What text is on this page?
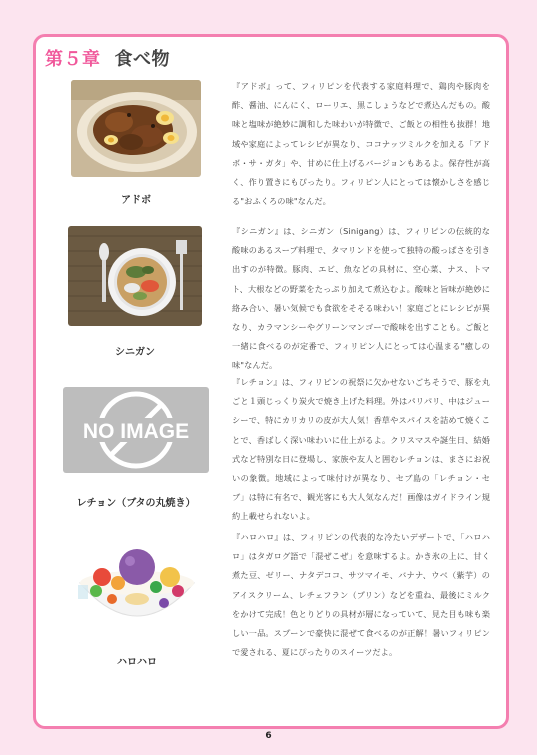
第５章 食べ物
アドボ

『アドボ』って、フィリピンを代表する家庭料理で、鶏肉や豚肉を酢、醤油、にんにく、ローリエ、黒こしょうなどで煮込んだもの。酸味と塩味が絶妙に調和した味わいが特徴で、ご飯との相性も抜群！地域や家庭によってレシピが異なり、ココナッツミルクを加える「アドボ・サ・ガタ」や、甘めに仕上げるバージョンもあるよ。保存性が高く、作り置きにもぴったり。フィリピン人にとっては懐かしさを感じる"おふくろの味"なんだ。

シニガン

『シニガン』は、シニガン（Sinigang）は、フィリピンの伝統的な酸味のあるスープ料理で、タマリンドを使って独特の酸っぱさを引き出すのが特徴。豚肉、エビ、魚などの具材に、空心菜、ナス、トマト、大根などの野菜をたっぷり加えて煮込むよ。酸味と旨味が絶妙に絡み合い、暑い気候でも食欲をそそる味わい！家庭ごとにレシピが異なり、カラマンシーやグリーンマンゴーで酸味を出すことも。ご飯と一緒に食べるのが定番で、フィリピン人にとっては心温まる"癒しの味"なんだ。

NO IMAGE
レチョン（ブタの丸焼き）

『レチョン』は、フィリピンの祝祭に欠かせないごちそうで、豚を丸ごと１頭じっくり炭火で焼き上げた料理。外はパリパリ、中はジューシーで、特にカリカリの皮が大人気！香草やスパイスを詰めて焼くことで、香ばしく深い味わいに仕上がるよ。クリスマスや誕生日、結婚式など特別な日に登場し、家族や友人と囲むレチョンは、まさにお祝いの象徴。地域によって味付けが異なり、セブ島の「レチョン・セブ」は特に有名で、観光客にも大人気なんだ！画像はガイドライン規約上載せられないよ。

ハロハロ

『ハロハロ』は、フィリピンの代表的な冷たいデザートで、「ハロハロ」はタガログ語で「混ぜこぜ」を意味するよ。かき氷の上に、甘く煮た豆、ゼリー、ナタデココ、サツマイモ、バナナ、ウベ（紫芋）のアイスクリーム、レチェフラン（プリン）などを重ね、最後にミルクをかけて完成！色とりどりの具材が層になっていて、見た目も味も楽しい一品。スプーンで豪快に混ぜて食べるのが正解！暑いフィリピンで愛される、夏にぴったりのスイーツだよ。

6
